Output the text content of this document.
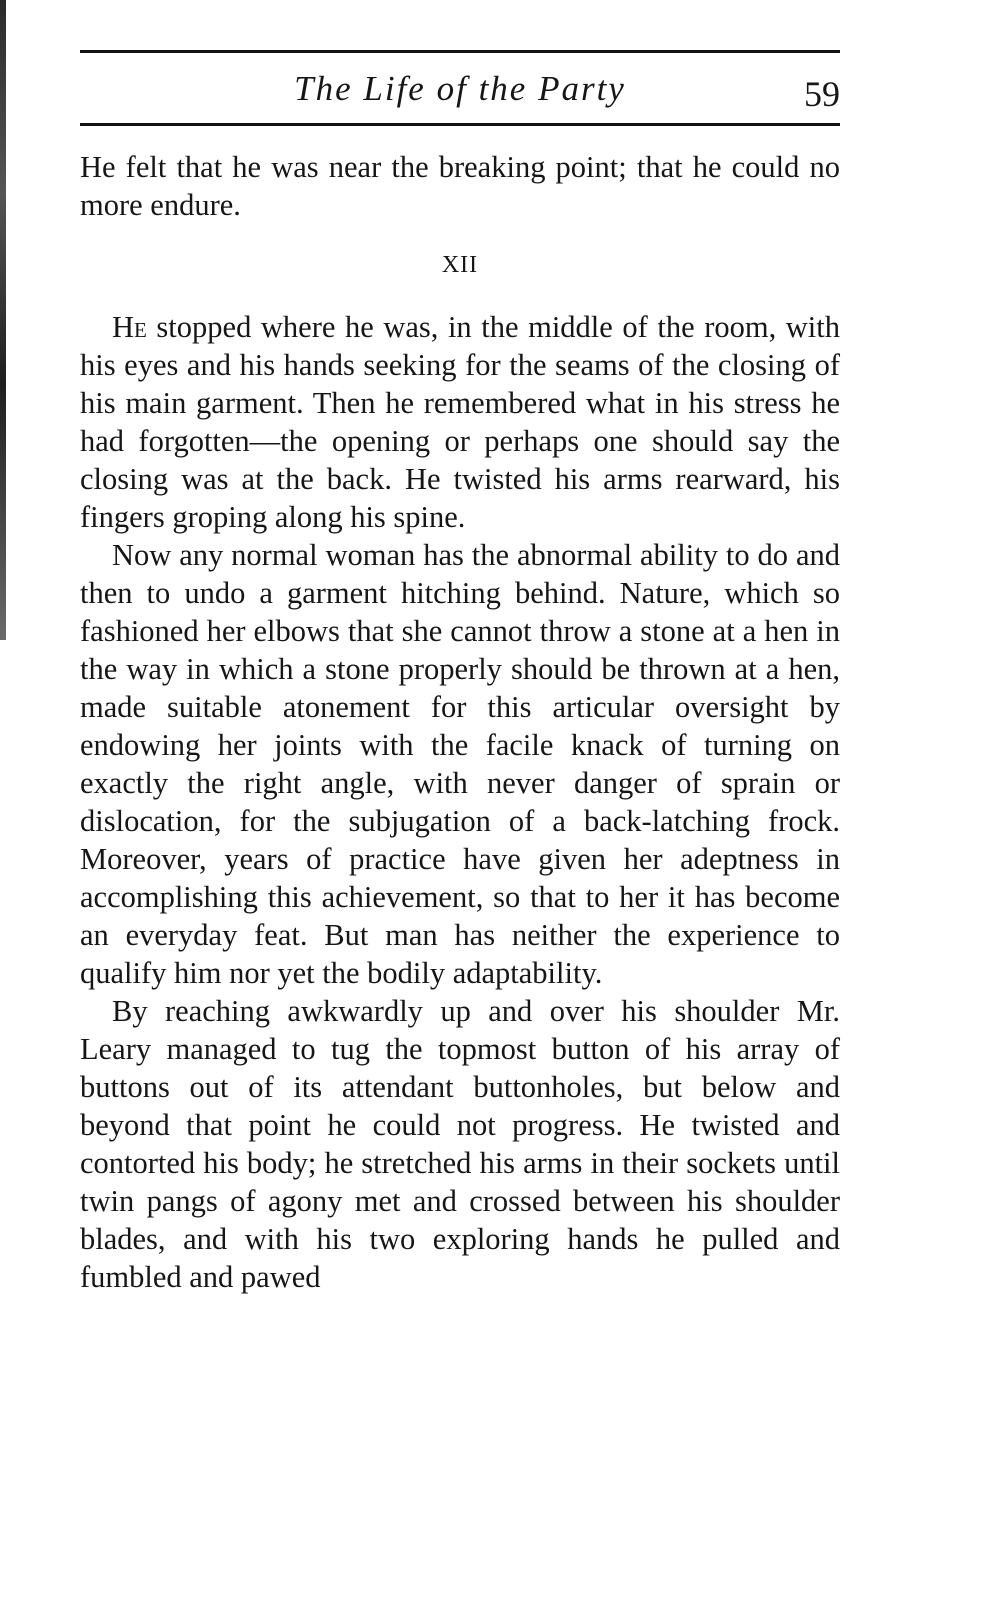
The Life of the Party	59

He felt that he was near the breaking point; that he could no more endure.

XII

He stopped where he was, in the middle of the room, with his eyes and his hands seeking for the seams of the closing of his main garment. Then he remembered what in his stress he had forgotten—the opening or perhaps one should say the closing was at the back. He twisted his arms rearward, his fingers groping along his spine.

Now any normal woman has the abnormal ability to do and then to undo a garment hitching behind. Nature, which so fashioned her elbows that she cannot throw a stone at a hen in the way in which a stone properly should be thrown at a hen, made suitable atonement for this articular oversight by endowing her joints with the facile knack of turning on exactly the right angle, with never danger of sprain or dislocation, for the subjugation of a back-latching frock. Moreover, years of practice have given her adeptness in accomplishing this achievement, so that to her it has become an everyday feat. But man has neither the experience to qualify him nor yet the bodily adaptability.

By reaching awkwardly up and over his shoulder Mr. Leary managed to tug the topmost button of his array of buttons out of its attendant buttonholes, but below and beyond that point he could not progress. He twisted and contorted his body; he stretched his arms in their sockets until twin pangs of agony met and crossed between his shoulder blades, and with his two exploring hands he pulled and fumbled and pawed
